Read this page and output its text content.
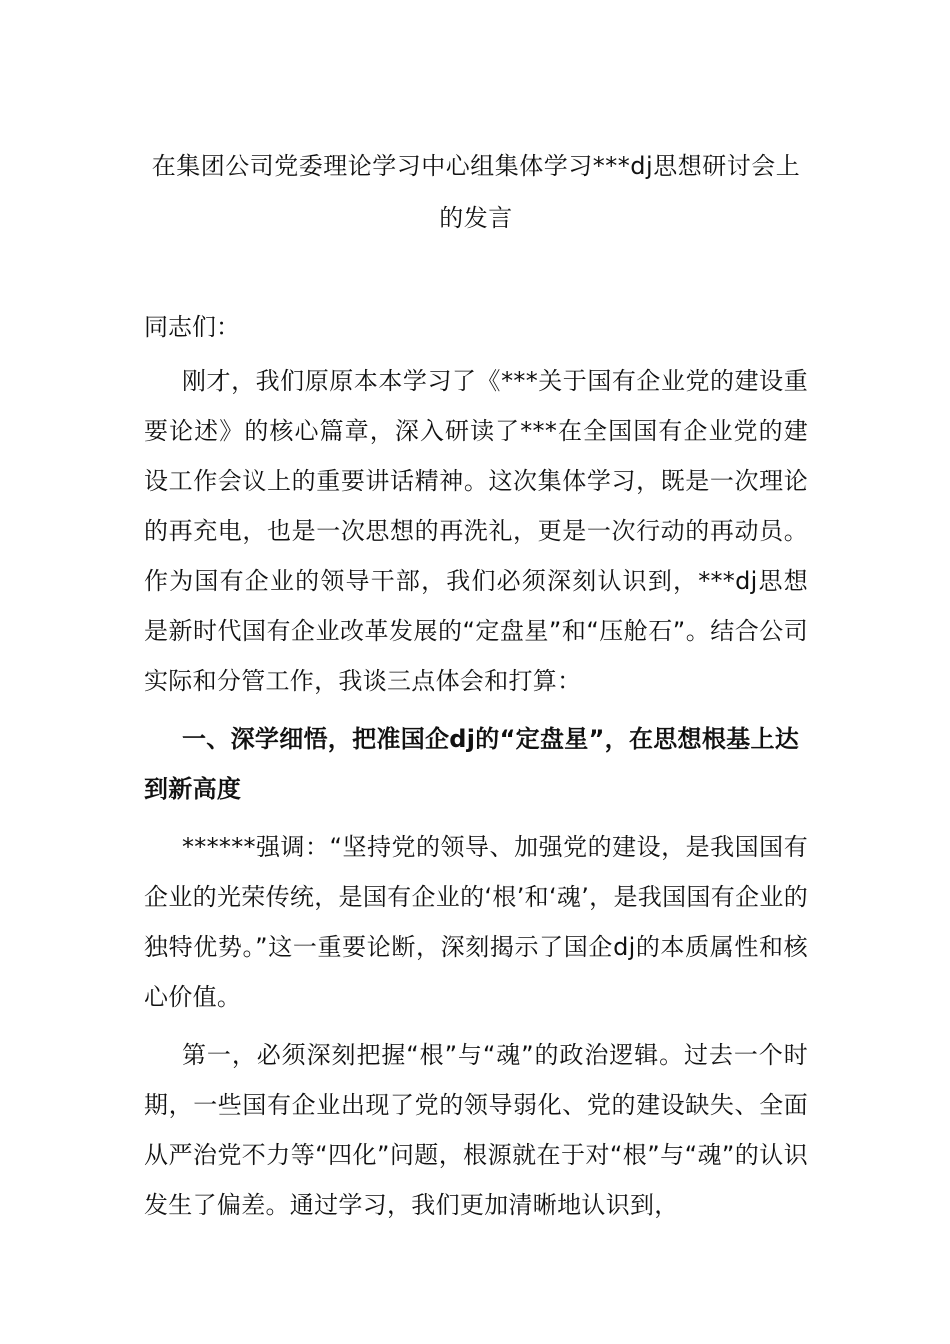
在集团公司党委理论学习中心组集体学习***dj思想研讨会上的发言

同志们：

刚才，我们原原本本学习了《***关于国有企业党的建设重要论述》的核心篇章，深入研读了***在全国国有企业党的建设工作会议上的重要讲话精神。这次集体学习，既是一次理论的再充电，也是一次思想的再洗礼，更是一次行动的再动员。作为国有企业的领导干部，我们必须深刻认识到，***dj思想是新时代国有企业改革发展的“定盘星”和“压舱石”。结合公司实际和分管工作，我谈三点体会和打算：

一、深学细悟，把准国企dj的“定盘星”，在思想根基上达到新高度

******强调：“坚持党的领导、加强党的建设，是我国国有企业的光荣传统，是国有企业的‘根’和‘魂’，是我国国有企业的独特优势。”这一重要论断，深刻揭示了国企dj的本质属性和核心价值。

第一，必须深刻把握“根”与“魂”的政治逻辑。过去一个时期，一些国有企业出现了党的领导弱化、党的建设缺失、全面从严治党不力等“四化”问题，根源就在于对“根”与“魂”的认识发生了偏差。通过学习，我们更加清晰地认识到，
